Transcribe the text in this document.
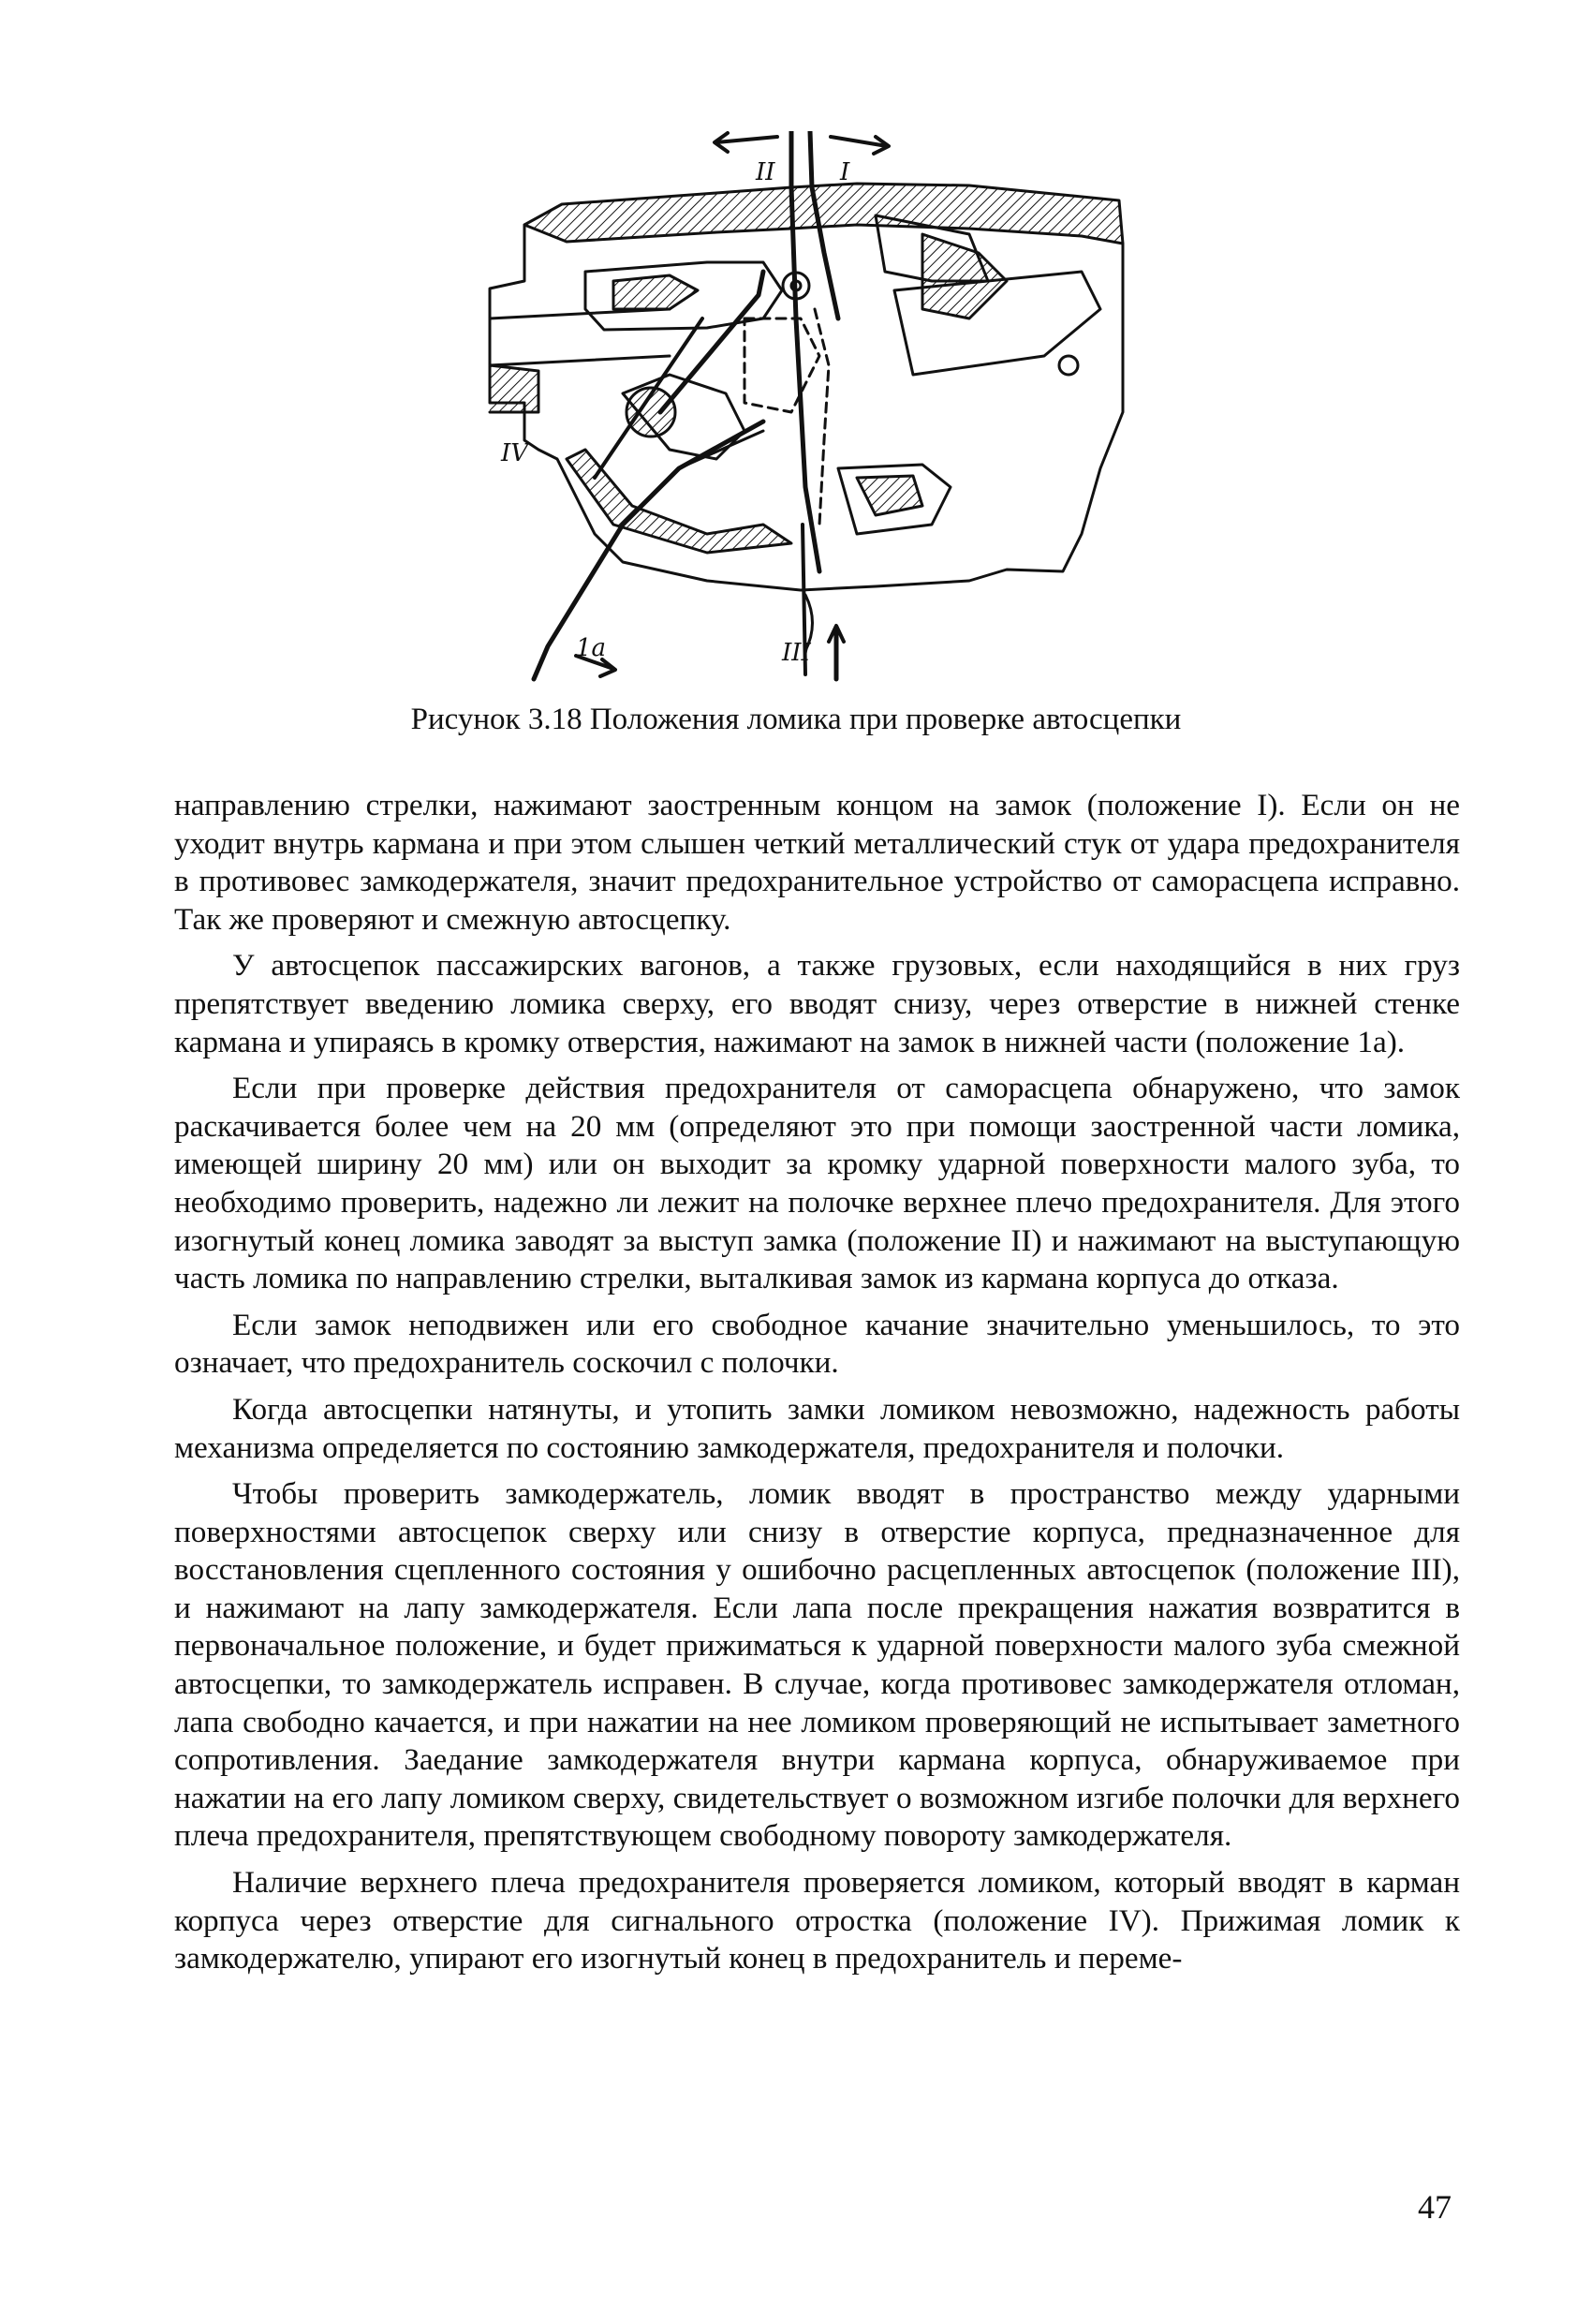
II	I
1a	III
IV
Рисунок 3.18 Положения ломика при проверке автосцепки

направлению стрелки, нажимают заостренным концом на замок (положение I). Если он не уходит внутрь кармана и при этом слышен четкий металлический стук от удара предохранителя в противовес замкодержателя, значит предохранительное устройство от саморасцепа исправно. Так же проверяют и смежную автосцепку.

У автосцепок пассажирских вагонов, а также грузовых, если находящийся в них груз препятствует введению ломика сверху, его вводят снизу, через отверстие в нижней стенке кармана и упираясь в кромку отверстия, нажимают на замок в нижней части (положение 1а).

Если при проверке действия предохранителя от саморасцепа обнаружено, что замок раскачивается более чем на 20 мм (определяют это при помощи заостренной части ломика, имеющей ширину 20 мм) или он выходит за кромку ударной поверхности малого зуба, то необходимо проверить, надежно ли лежит на полочке верхнее плечо предохранителя. Для этого изогнутый конец ломика заводят за выступ замка (положение II) и нажимают на выступающую часть ломика по направлению стрелки, выталкивая замок из кармана корпуса до отказа.

Если замок неподвижен или его свободное качание значительно уменьшилось, то это означает, что предохранитель соскочил с полочки.

Когда автосцепки натянуты, и утопить замки ломиком невозможно, надежность работы механизма определяется по состоянию замкодержателя, предохранителя и полочки.

Чтобы проверить замкодержатель, ломик вводят в пространство между ударными поверхностями автосцепок сверху или снизу в отверстие корпуса, предназначенное для восстановления сцепленного состояния у ошибочно расцепленных автосцепок (положение III), и нажимают на лапу замкодержателя. Если лапа после прекращения нажатия возвратится в первоначальное положение, и будет прижиматься к ударной поверхности малого зуба смежной автосцепки, то замкодержатель исправен. В случае, когда противовес замкодержателя отломан, лапа свободно качается, и при нажатии на нее ломиком проверяющий не испытывает заметного сопротивления. Заедание замкодержателя внутри кармана корпуса, обнаруживаемое при нажатии на его лапу ломиком сверху, свидетельствует о возможном изгибе полочки для верхнего плеча предохранителя, препятствующем свободному повороту замкодержателя.

Наличие верхнего плеча предохранителя проверяется ломиком, который вводят в карман корпуса через отверстие для сигнального отростка (положение IV). Прижимая ломик к замкодержателю, упирают его изогнутый конец в предохранитель и переме-

47
